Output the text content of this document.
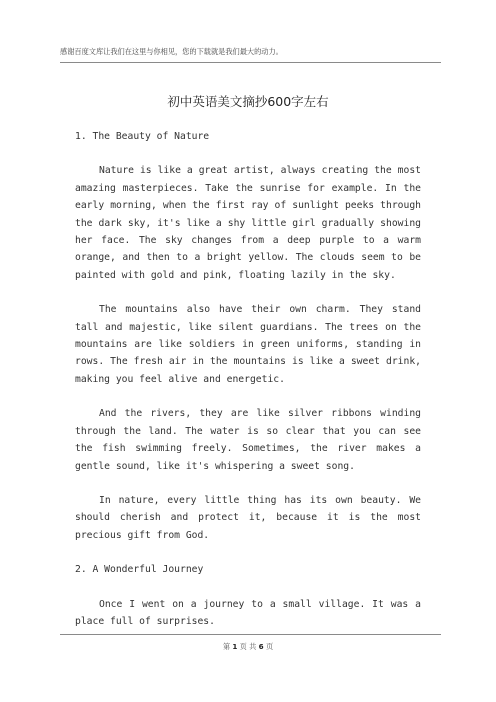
感谢百度文库让我们在这里与你相见，您的下载就是我们最大的动力。
初中英语美文摘抄600字左右

1. The Beauty of Nature

Nature is like a great artist, always creating the most amazing masterpieces. Take the sunrise for example. In the early morning, when the first ray of sunlight peeks through the dark sky, it's like a shy little girl gradually showing her face. The sky changes from a deep purple to a warm orange, and then to a bright yellow. The clouds seem to be painted with gold and pink, floating lazily in the sky.

The mountains also have their own charm. They stand tall and majestic, like silent guardians. The trees on the mountains are like soldiers in green uniforms, standing in rows. The fresh air in the mountains is like a sweet drink, making you feel alive and energetic.

And the rivers, they are like silver ribbons winding through the land. The water is so clear that you can see the fish swimming freely. Sometimes, the river makes a gentle sound, like it's whispering a sweet song.

In nature, every little thing has its own beauty. We should cherish and protect it, because it is the most precious gift from God.

2. A Wonderful Journey

Once I went on a journey to a small village. It was a place full of surprises.

第 1 页 共 6 页
